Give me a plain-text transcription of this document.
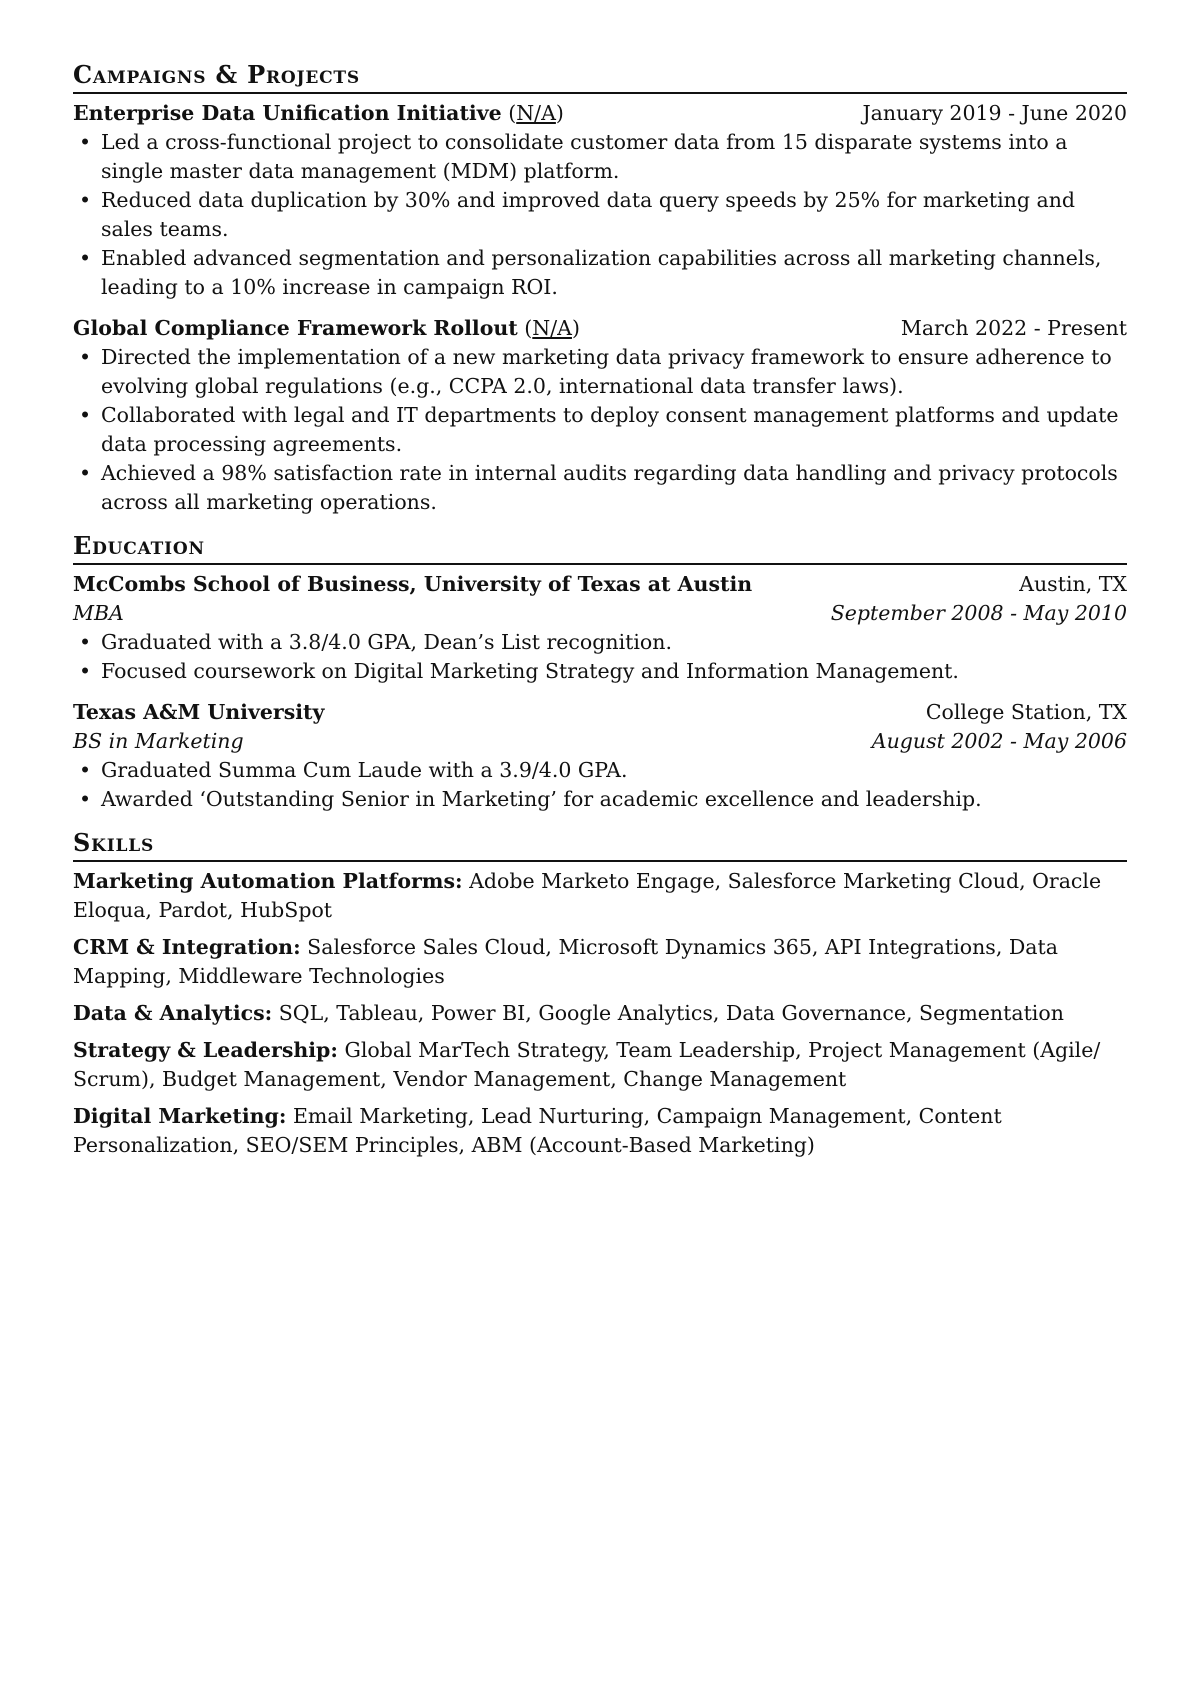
Campaigns & Projects
Enterprise Data Unification Initiative (N/A)	January 2019 - June 2020
• Led a cross-functional project to consolidate customer data from 15 disparate systems into a single master data management (MDM) platform.
• Reduced data duplication by 30% and improved data query speeds by 25% for marketing and sales teams.
• Enabled advanced segmentation and personalization capabilities across all marketing channels, leading to a 10% increase in campaign ROI.
Global Compliance Framework Rollout (N/A)	March 2022 - Present
• Directed the implementation of a new marketing data privacy framework to ensure adherence to evolving global regulations (e.g., CCPA 2.0, international data transfer laws).
• Collaborated with legal and IT departments to deploy consent management platforms and update data processing agreements.
• Achieved a 98% satisfaction rate in internal audits regarding data handling and privacy protocols across all marketing operations.
Education
McCombs School of Business, University of Texas at Austin	Austin, TX
MBA	September 2008 - May 2010
• Graduated with a 3.8/4.0 GPA, Dean’s List recognition.
• Focused coursework on Digital Marketing Strategy and Information Management.
Texas A&M University	College Station, TX
BS in Marketing	August 2002 - May 2006
• Graduated Summa Cum Laude with a 3.9/4.0 GPA.
• Awarded ‘Outstanding Senior in Marketing’ for academic excellence and leadership.
Skills
Marketing Automation Platforms: Adobe Marketo Engage, Salesforce Marketing Cloud, Oracle Eloqua, Pardot, HubSpot
CRM & Integration: Salesforce Sales Cloud, Microsoft Dynamics 365, API Integrations, Data Mapping, Middleware Technologies
Data & Analytics: SQL, Tableau, Power BI, Google Analytics, Data Governance, Segmentation
Strategy & Leadership: Global MarTech Strategy, Team Leadership, Project Management (Agile/ Scrum), Budget Management, Vendor Management, Change Management
Digital Marketing: Email Marketing, Lead Nurturing, Campaign Management, Content Personalization, SEO/SEM Principles, ABM (Account-Based Marketing)
